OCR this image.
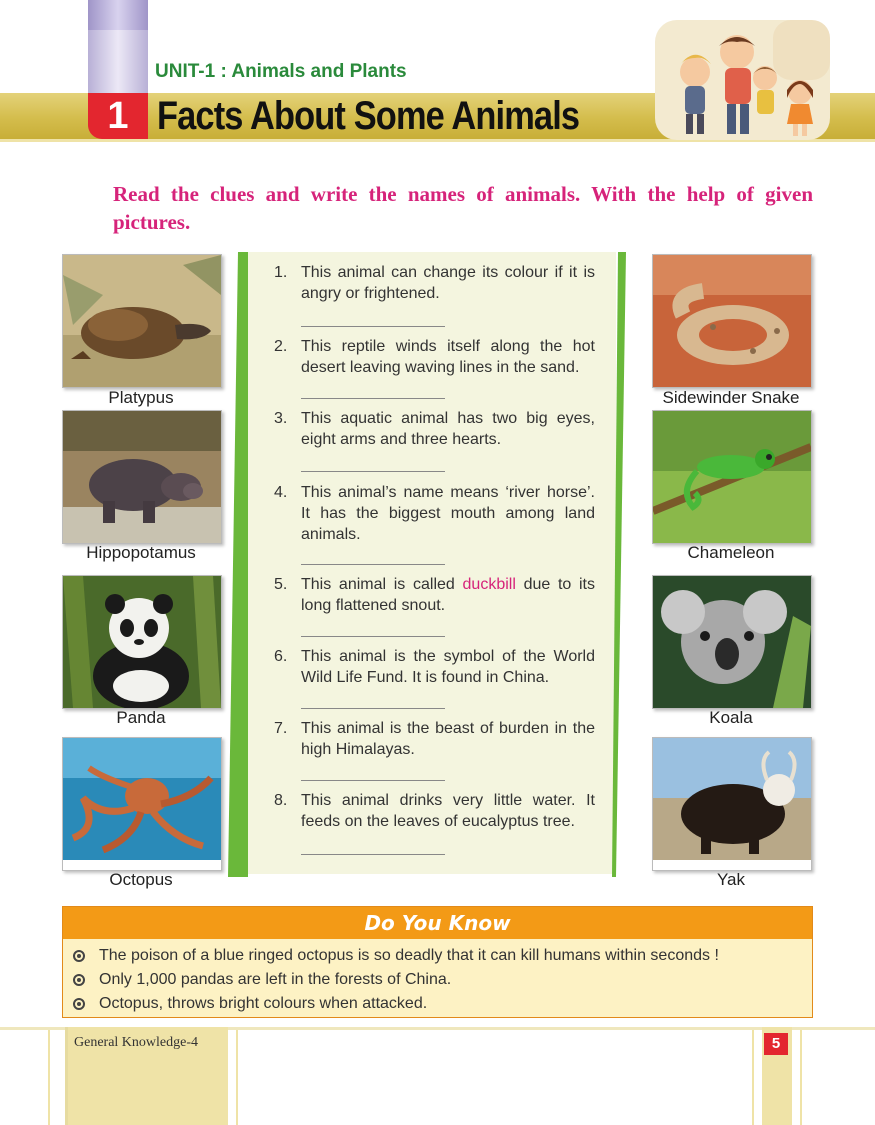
UNIT-1 : Animals and Plants
1 Facts About Some Animals
Read the clues and write the names of animals. With the help of given pictures.
Platypus
Hippopotamus
Panda
Octopus
1. This animal can change its colour if it is angry or frightened.
2. This reptile winds itself along the hot desert leaving waving lines in the sand.
3. This aquatic animal has two big eyes, eight arms and three hearts.
4. This animal’s name means ‘river horse’. It has the biggest mouth among land animals.
5. This animal is called duckbill due to its long flattened snout.
6. This animal is the symbol of the World Wild Life Fund. It is found in China.
7. This animal is the beast of burden in the high Himalayas.
8. This animal drinks very little water. It feeds on the leaves of eucalyptus tree.
Sidewinder Snake
Chameleon
Koala
Yak
Do You Know
The poison of a blue ringed octopus is so deadly that it can kill humans within seconds !
Only 1,000 pandas are left in the forests of China.
Octopus, throws bright colours when attacked.
General Knowledge-4	5
